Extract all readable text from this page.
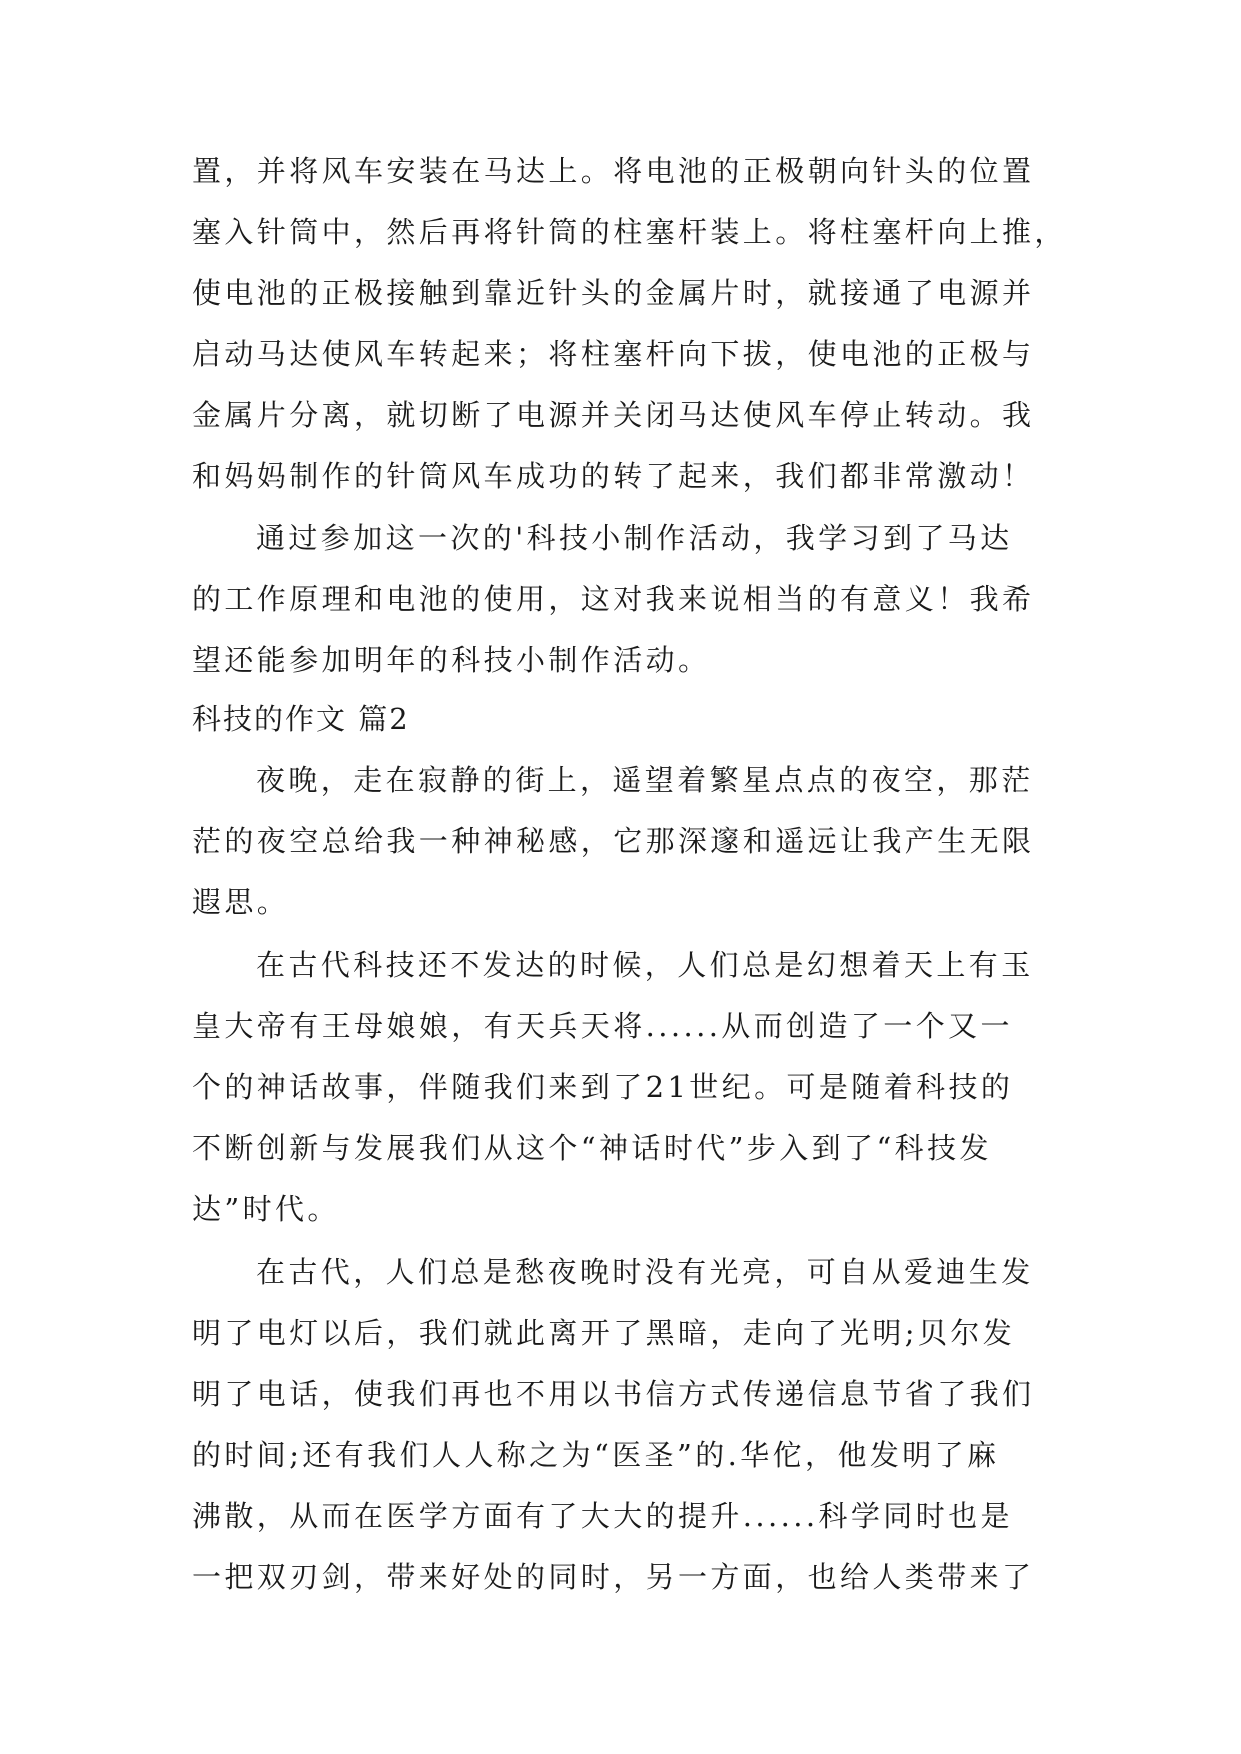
置，并将风车安装在马达上。将电池的正极朝向针头的位置
塞入针筒中，然后再将针筒的柱塞杆装上。将柱塞杆向上推，
使电池的正极接触到靠近针头的金属片时，就接通了电源并
启动马达使风车转起来；将柱塞杆向下拔，使电池的正极与
金属片分离，就切断了电源并关闭马达使风车停止转动。我
和妈妈制作的针筒风车成功的转了起来，我们都非常激动！
通过参加这一次的'科技小制作活动，我学习到了马达
的工作原理和电池的使用，这对我来说相当的有意义！我希
望还能参加明年的科技小制作活动。
科技的作文 篇2
夜晚，走在寂静的街上，遥望着繁星点点的夜空，那茫
茫的夜空总给我一种神秘感，它那深邃和遥远让我产生无限
遐思。
在古代科技还不发达的时候，人们总是幻想着天上有玉
皇大帝有王母娘娘，有天兵天将......从而创造了一个又一
个的神话故事，伴随我们来到了21世纪。可是随着科技的
不断创新与发展我们从这个“神话时代”步入到了“科技发
达”时代。
在古代，人们总是愁夜晚时没有光亮，可自从爱迪生发
明了电灯以后，我们就此离开了黑暗，走向了光明;贝尔发
明了电话，使我们再也不用以书信方式传递信息节省了我们
的时间;还有我们人人称之为“医圣”的.华佗，他发明了麻
沸散，从而在医学方面有了大大的提升......科学同时也是
一把双刃剑，带来好处的同时，另一方面，也给人类带来了
